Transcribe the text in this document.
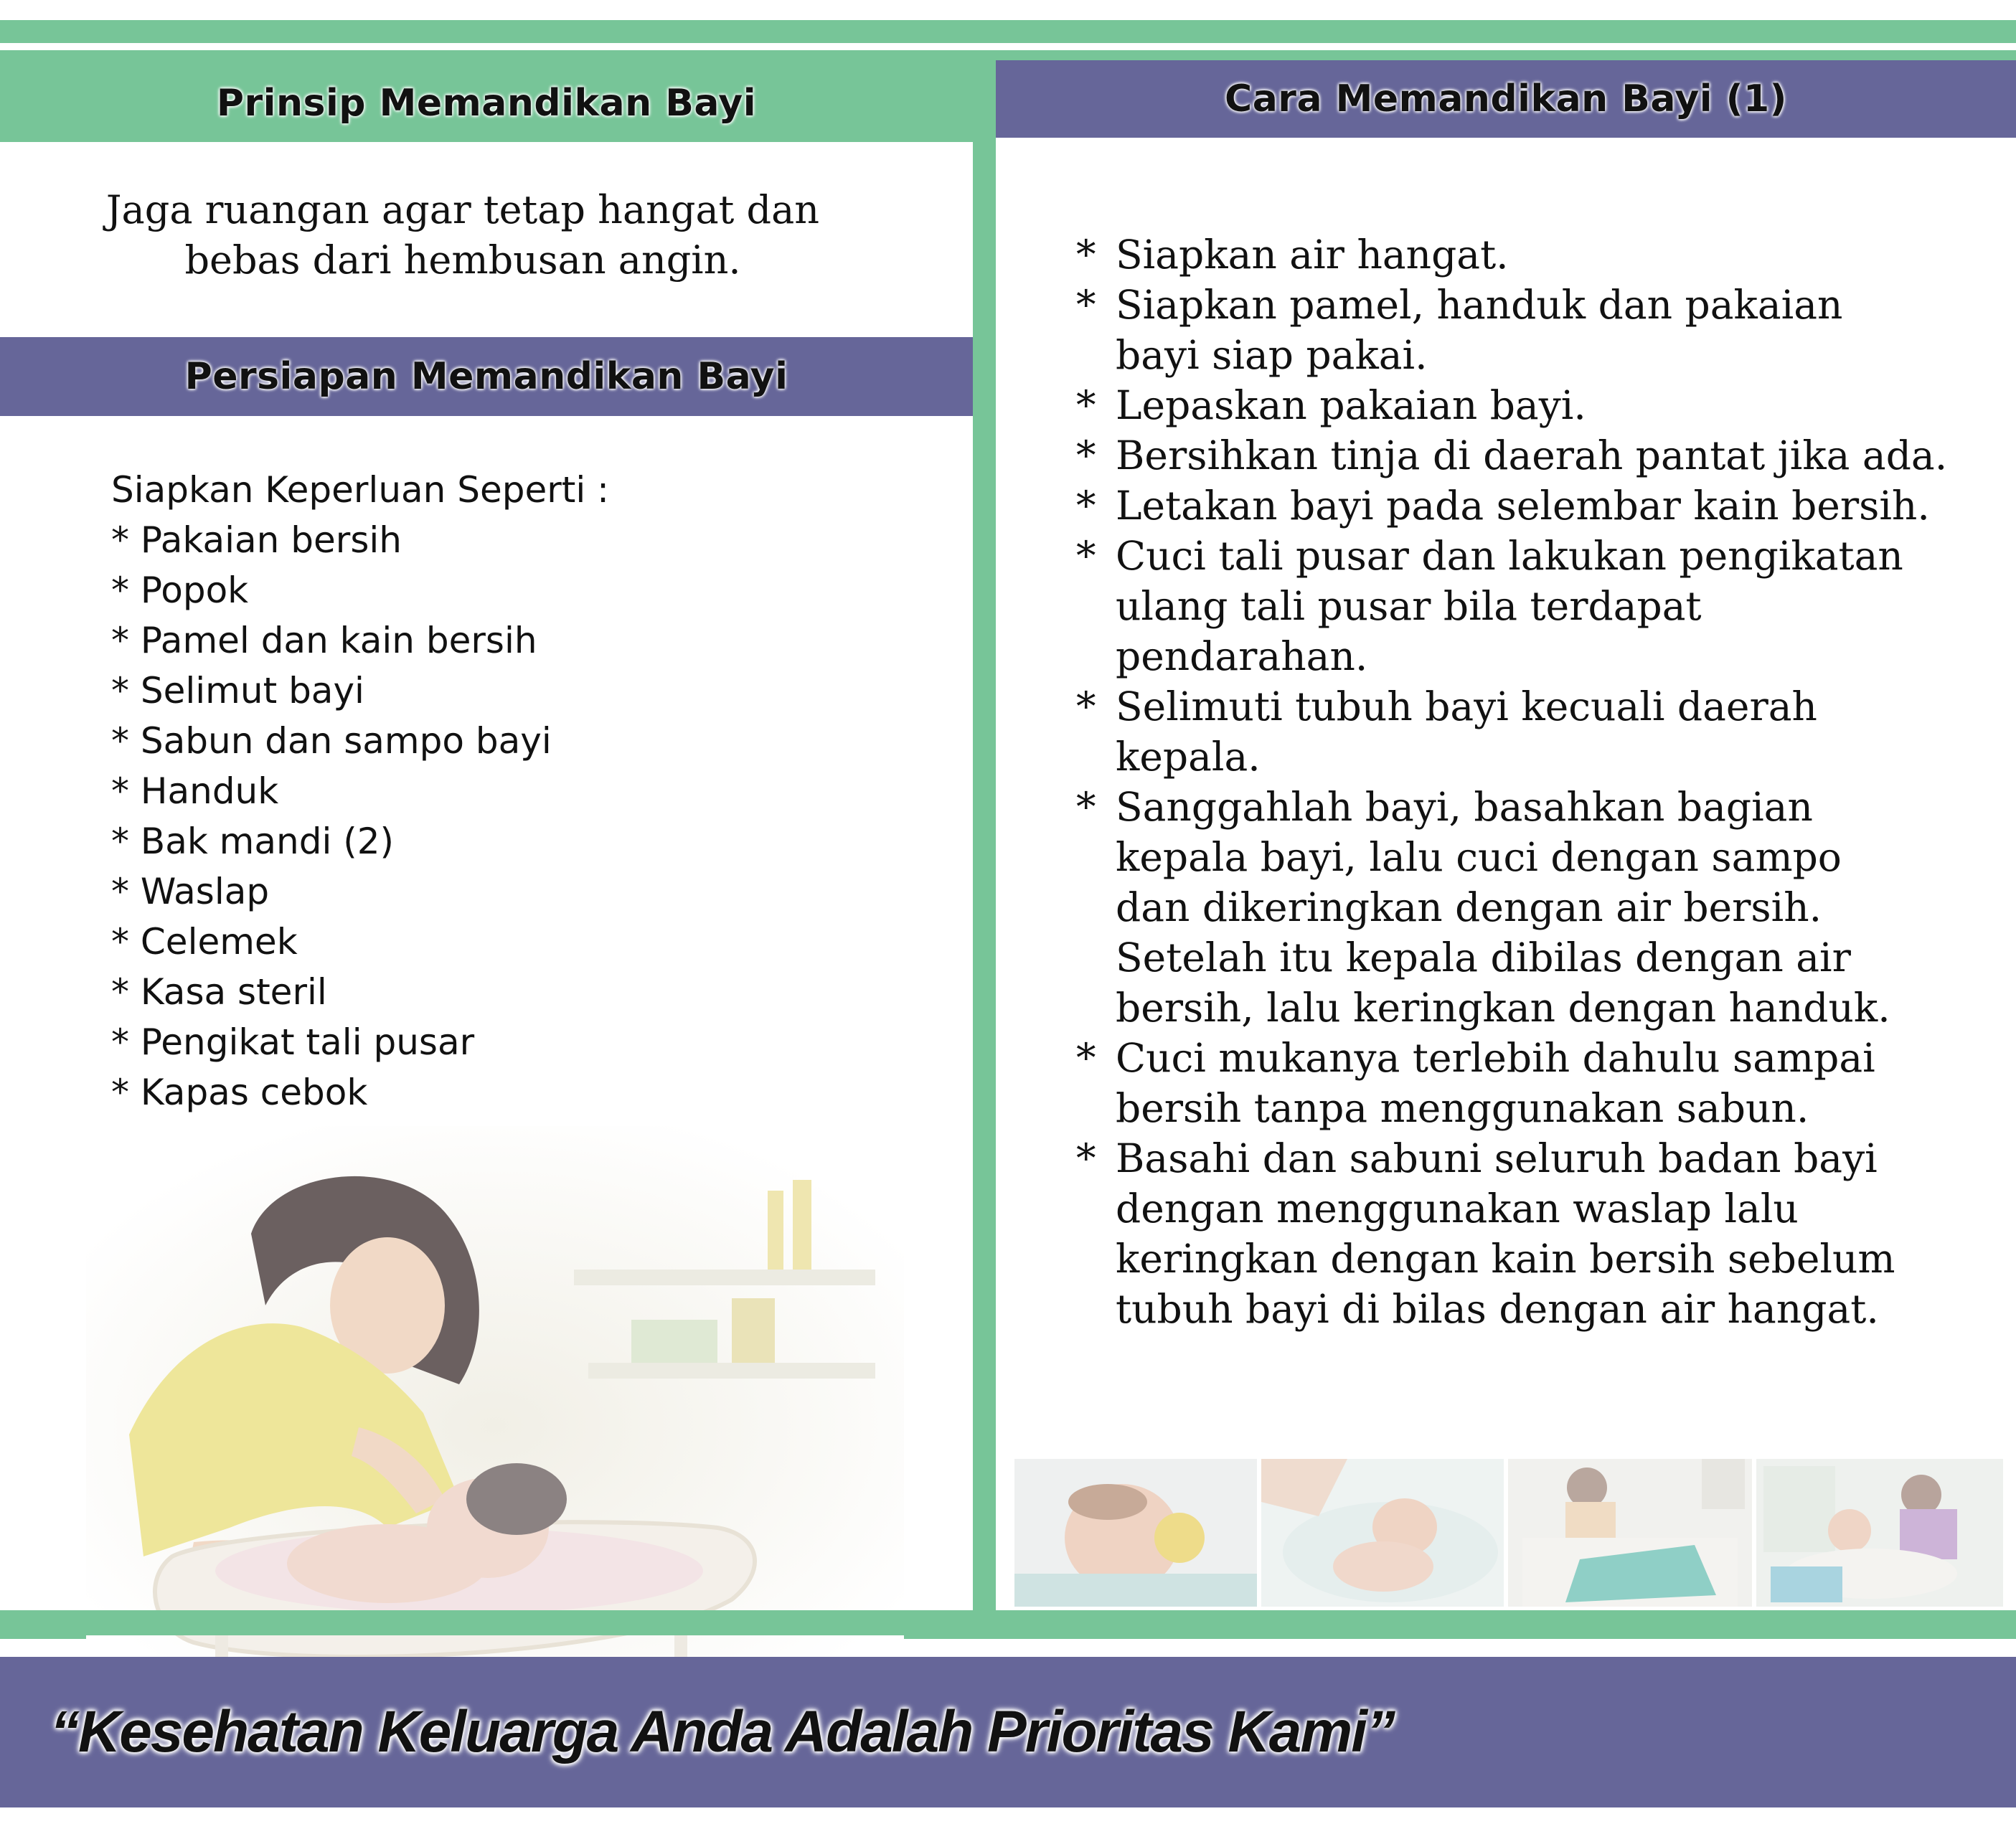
Prinsip Memandikan Bayi
Jaga ruangan agar tetap hangat dan
bebas dari hembusan angin.
Persiapan Memandikan Bayi
Siapkan Keperluan Seperti :
* Pakaian bersih
* Popok
* Pamel dan kain bersih
* Selimut bayi
* Sabun dan sampo bayi
* Handuk
* Bak mandi (2)
* Waslap
* Celemek
* Kasa steril
* Pengikat tali pusar
* Kapas cebok
Cara Memandikan Bayi (1)
* Siapkan air hangat.
* Siapkan pamel, handuk dan pakaian
bayi siap pakai.
* Lepaskan pakaian bayi.
* Bersihkan tinja di daerah pantat jika ada.
* Letakan bayi pada selembar kain bersih.
* Cuci tali pusar dan lakukan pengikatan
ulang tali pusar bila terdapat
pendarahan.
* Selimuti tubuh bayi kecuali daerah
kepala.
* Sanggahlah bayi, basahkan bagian
kepala bayi, lalu cuci dengan sampo
dan dikeringkan dengan air bersih.
Setelah itu kepala dibilas dengan air
bersih, lalu keringkan dengan handuk.
* Cuci mukanya terlebih dahulu sampai
bersih tanpa menggunakan sabun.
* Basahi dan sabuni seluruh badan bayi
dengan menggunakan waslap lalu
keringkan dengan kain bersih sebelum
tubuh bayi di bilas dengan air hangat.
“Kesehatan Keluarga Anda Adalah Prioritas Kami”
